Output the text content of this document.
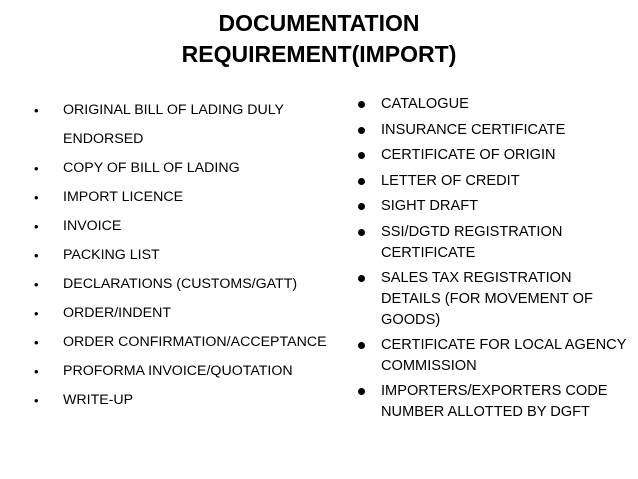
DOCUMENTATION
REQUIREMENT(IMPORT)
• ORIGINAL BILL OF LADING DULY ENDORSED
• COPY OF BILL OF LADING
• IMPORT LICENCE
• INVOICE
• PACKING LIST
• DECLARATIONS (CUSTOMS/GATT)
• ORDER/INDENT
• ORDER CONFIRMATION/ACCEPTANCE
• PROFORMA INVOICE/QUOTATION
• WRITE-UP
CATALOGUE
INSURANCE CERTIFICATE
CERTIFICATE OF ORIGIN
LETTER OF CREDIT
SIGHT DRAFT
SSI/DGTD REGISTRATION CERTIFICATE
SALES TAX REGISTRATION DETAILS (FOR MOVEMENT OF GOODS)
CERTIFICATE FOR LOCAL AGENCY COMMISSION
IMPORTERS/EXPORTERS CODE NUMBER ALLOTTED BY DGFT
